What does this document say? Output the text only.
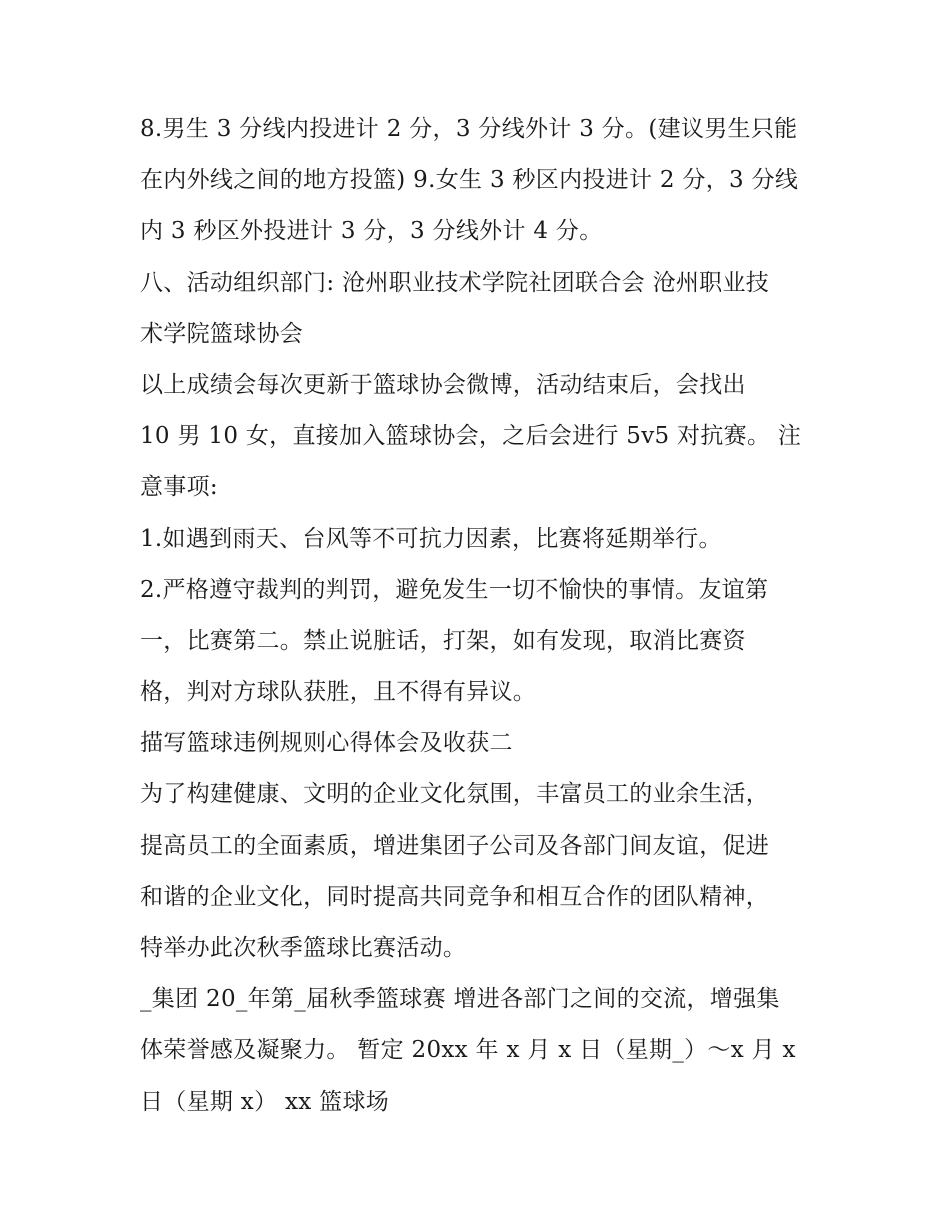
8.男生 3 分线内投进计 2 分，3 分线外计 3 分。(建议男生只能
在内外线之间的地方投篮) 9.女生 3 秒区内投进计 2 分，3 分线
内 3 秒区外投进计 3 分，3 分线外计 4 分。
八、活动组织部门: 沧州职业技术学院社团联合会 沧州职业技
术学院篮球协会
以上成绩会每次更新于篮球协会微博，活动结束后，会找出
10 男 10 女，直接加入篮球协会，之后会进行 5v5 对抗赛。 注
意事项:
1.如遇到雨天、台风等不可抗力因素，比赛将延期举行。
2.严格遵守裁判的判罚，避免发生一切不愉快的事情。友谊第
一，比赛第二。禁止说脏话，打架，如有发现，取消比赛资
格，判对方球队获胜，且不得有异议。
描写篮球违例规则心得体会及收获二
为了构建健康、文明的企业文化氛围，丰富员工的业余生活，
提高员工的全面素质，增进集团子公司及各部门间友谊，促进
和谐的企业文化，同时提高共同竞争和相互合作的团队精神，
特举办此次秋季篮球比赛活动。
_集团 20_年第_届秋季篮球赛 增进各部门之间的交流，增强集
体荣誉感及凝聚力。 暂定 20xx 年 x 月 x 日（星期_）～x 月 x
日（星期 x） xx 篮球场
